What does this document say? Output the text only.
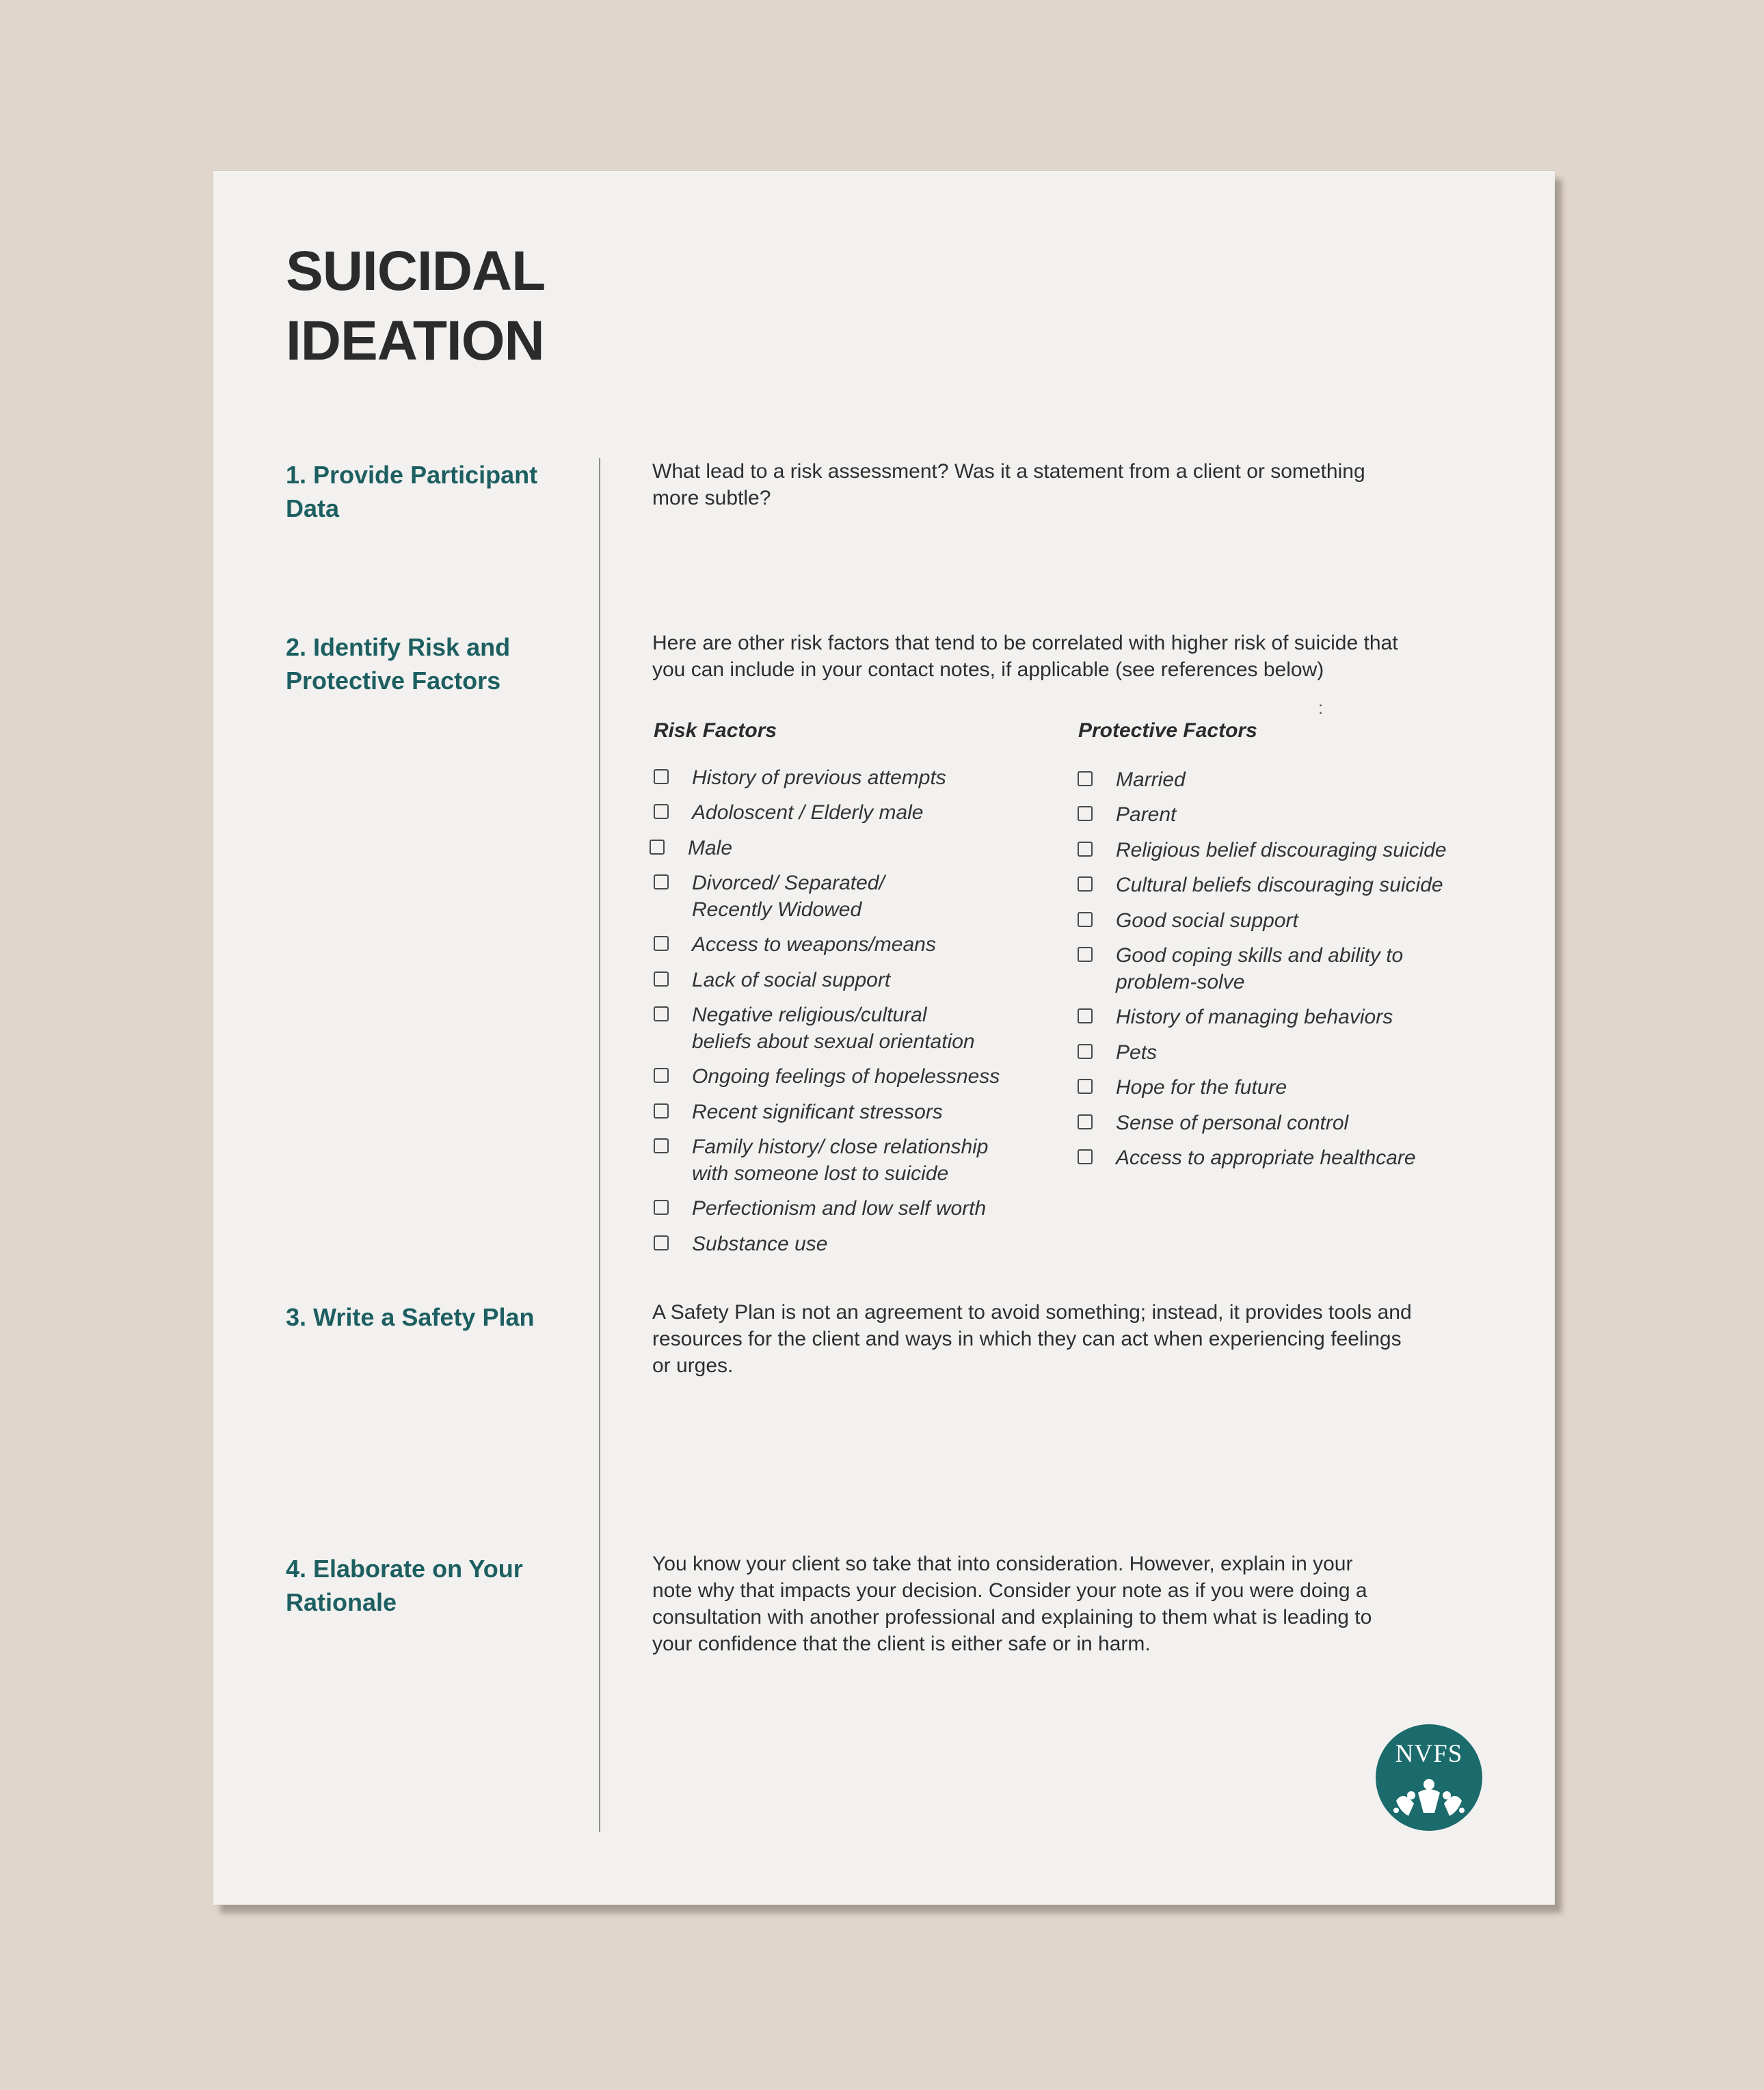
SUICIDAL
IDEATION
1. Provide Participant
Data

What lead to a risk assessment? Was it a statement from a client or something
more subtle?

2. Identify Risk and
Protective Factors

Here are other risk factors that tend to be correlated with higher risk of suicide that
you can include in your contact notes, if applicable (see references below)

:
Risk Factors
History of previous attempts
Adoloscent / Elderly male
Male
Divorced/ Separated/
Recently Widowed
Access to weapons/means
Lack of social support
Negative religious/cultural
beliefs about sexual orientation
Ongoing feelings of hopelessness
Recent significant stressors
Family history/ close relationship
with someone lost to suicide
Perfectionism and low self worth
Substance use
Protective Factors
Married
Parent
Religious belief discouraging suicide
Cultural beliefs discouraging suicide
Good social support
Good coping skills and ability to
problem-solve
History of managing behaviors
Pets
Hope for the future
Sense of personal control
Access to appropriate healthcare
3. Write a Safety Plan	A Safety Plan is not an agreement to avoid something; instead, it provides tools and
resources for the client and ways in which they can act when experiencing feelings
or urges.

4. Elaborate on Your
Rationale

You know your client so take that into consideration. However, explain in your
note why that impacts your decision. Consider your note as if you were doing a
consultation with another professional and explaining to them what is leading to
your confidence that the client is either safe or in harm.

NVFS
